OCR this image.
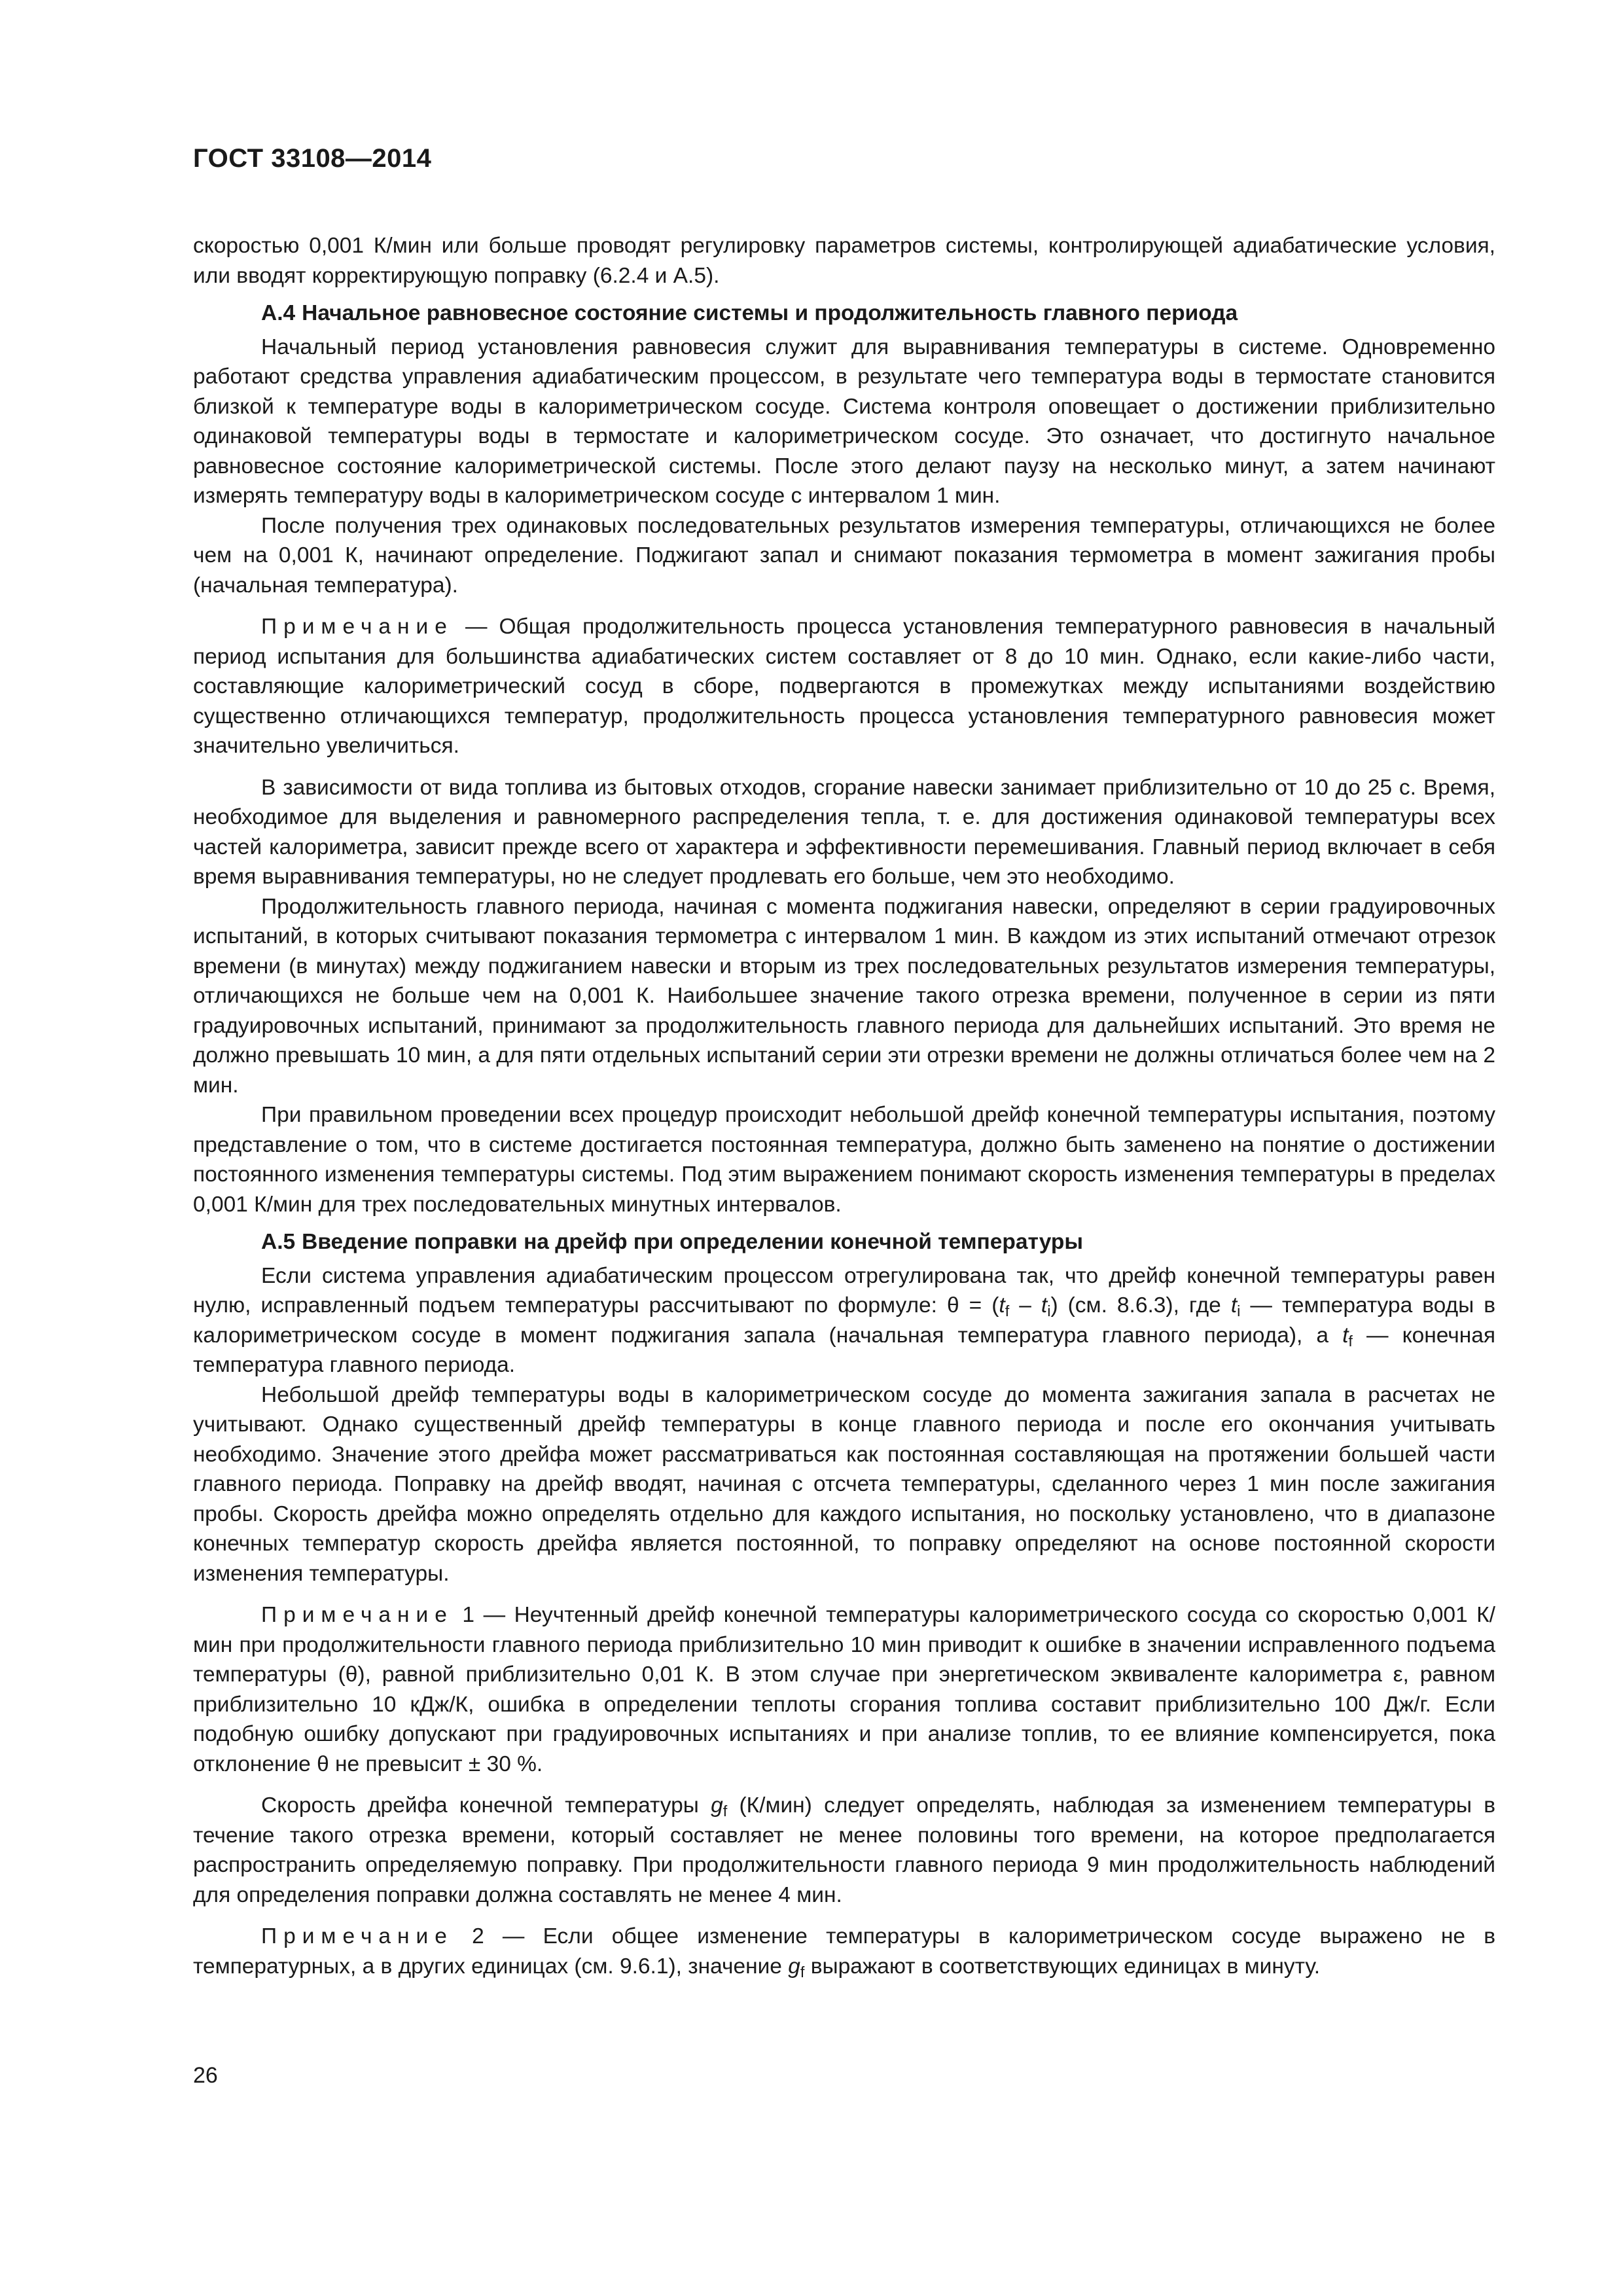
ГОСТ 33108—2014

скоростью 0,001 К/мин или больше проводят регулировку параметров системы, контролирующей адиабатические условия, или вводят корректирующую поправку (6.2.4 и А.5).

А.4 Начальное равновесное состояние системы и продолжительность главного периода

Начальный период установления равновесия служит для выравнивания температуры в системе. Одновременно работают средства управления адиабатическим процессом, в результате чего температура воды в термостате становится близкой к температуре воды в калориметрическом сосуде. Система контроля оповещает о достижении приблизительно одинаковой температуры воды в термостате и калориметрическом сосуде. Это означает, что достигнуто начальное равновесное состояние калориметрической системы. После этого делают паузу на несколько минут, а затем начинают измерять температуру воды в калориметрическом сосуде с интервалом 1 мин.

После получения трех одинаковых последовательных результатов измерения температуры, отличающихся не более чем на 0,001 К, начинают определение. Поджигают запал и снимают показания термометра в момент зажигания пробы (начальная температура).

Примечание — Общая продолжительность процесса установления температурного равновесия в начальный период испытания для большинства адиабатических систем составляет от 8 до 10 мин. Однако, если какие-либо части, составляющие калориметрический сосуд в сборе, подвергаются в промежутках между испытаниями воздействию существенно отличающихся температур, продолжительность процесса установления температурного равновесия может значительно увеличиться.

В зависимости от вида топлива из бытовых отходов, сгорание навески занимает приблизительно от 10 до 25 с. Время, необходимое для выделения и равномерного распределения тепла, т. е. для достижения одинаковой температуры всех частей калориметра, зависит прежде всего от характера и эффективности перемешивания. Главный период включает в себя время выравнивания температуры, но не следует продлевать его больше, чем это необходимо.

Продолжительность главного периода, начиная с момента поджигания навески, определяют в серии градуировочных испытаний, в которых считывают показания термометра с интервалом 1 мин. В каждом из этих испытаний отмечают отрезок времени (в минутах) между поджиганием навески и вторым из трех последовательных результатов измерения температуры, отличающихся не больше чем на 0,001 К. Наибольшее значение такого отрезка времени, полученное в серии из пяти градуировочных испытаний, принимают за продолжительность главного периода для дальнейших испытаний. Это время не должно превышать 10 мин, а для пяти отдельных испытаний серии эти отрезки времени не должны отличаться более чем на 2 мин.

При правильном проведении всех процедур происходит небольшой дрейф конечной температуры испытания, поэтому представление о том, что в системе достигается постоянная температура, должно быть заменено на понятие о достижении постоянного изменения температуры системы. Под этим выражением понимают скорость изменения температуры в пределах 0,001 К/мин для трех последовательных минутных интервалов.

А.5 Введение поправки на дрейф при определении конечной температуры

Если система управления адиабатическим процессом отрегулирована так, что дрейф конечной температуры равен нулю, исправленный подъем температуры рассчитывают по формуле: $\theta = (t_f - t_i)$ (см. 8.6.3), где $t_i$ — температура воды в калориметрическом сосуде в момент поджигания запала (начальная температура главного периода), а $t_f$ — конечная температура главного периода.

Небольшой дрейф температуры воды в калориметрическом сосуде до момента зажигания запала в расчетах не учитывают. Однако существенный дрейф температуры в конце главного периода и после его окончания учитывать необходимо. Значение этого дрейфа может рассматриваться как постоянная составляющая на протяжении большей части главного периода. Поправку на дрейф вводят, начиная с отсчета температуры, сделанного через 1 мин после зажигания пробы. Скорость дрейфа можно определять отдельно для каждого испытания, но поскольку установлено, что в диапазоне конечных температур скорость дрейфа является постоянной, то поправку определяют на основе постоянной скорости изменения температуры.

Примечание 1 — Неучтенный дрейф конечной температуры калориметрического сосуда со скоростью 0,001 К/мин при продолжительности главного периода приблизительно 10 мин приводит к ошибке в значении исправленного подъема температуры (θ), равной приблизительно 0,01 К. В этом случае при энергетическом эквиваленте калориметра ε, равном приблизительно 10 кДж/К, ошибка в определении теплоты сгорания топлива составит приблизительно 100 Дж/г. Если подобную ошибку допускают при градуировочных испытаниях и при анализе топлив, то ее влияние компенсируется, пока отклонение θ не превысит ± 30 %.

Скорость дрейфа конечной температуры $g_f$ (К/мин) следует определять, наблюдая за изменением температуры в течение такого отрезка времени, который составляет не менее половины того времени, на которое предполагается распространить определяемую поправку. При продолжительности главного периода 9 мин продолжительность наблюдений для определения поправки должна составлять не менее 4 мин.

Примечание 2 — Если общее изменение температуры в калориметрическом сосуде выражено не в температурных, а в других единицах (см. 9.6.1), значение $g_f$ выражают в соответствующих единицах в минуту.

26
